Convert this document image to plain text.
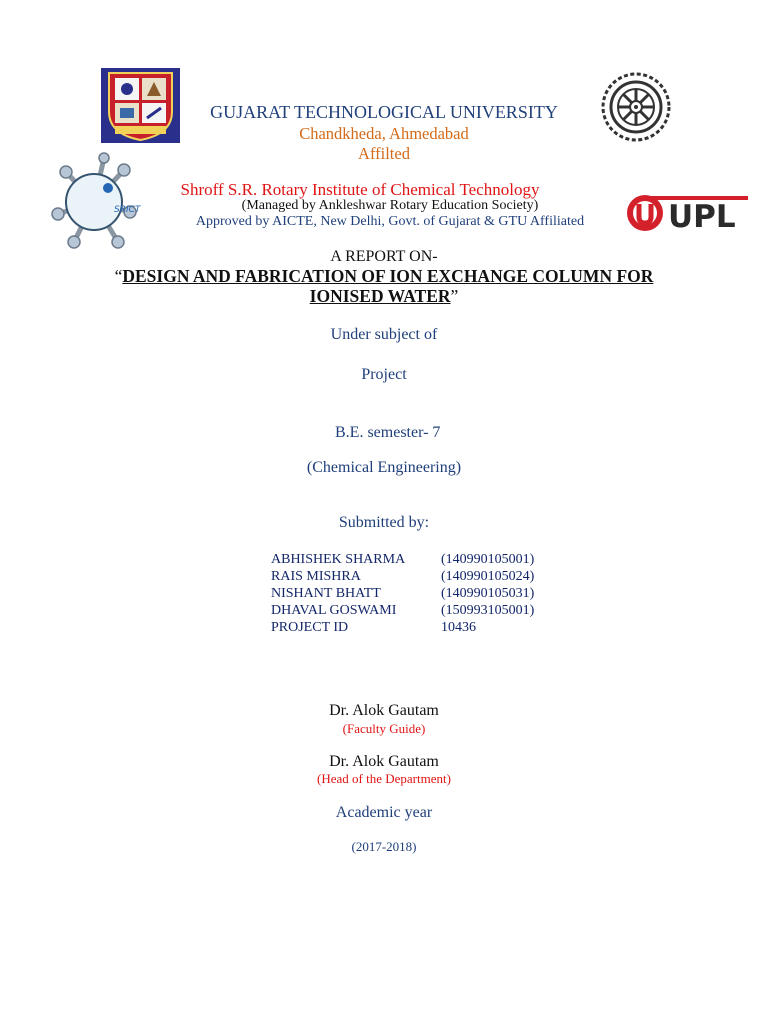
SRICT	UPL
GUJARAT TECHNOLOGICAL UNIVERSITY
Chandkheda, Ahmedabad
Affilted
Shroff S.R. Rotary Institute of Chemical Technology
(Managed by Ankleshwar Rotary Education Society)
Approved by AICTE, New Delhi, Govt. of Gujarat & GTU Affiliated
A REPORT ON-
“DESIGN AND FABRICATION OF ION EXCHANGE COLUMN FOR
IONISED WATER”
Under subject of
Project
B.E. semester- 7
(Chemical Engineering)
Submitted by:
ABHISHEK SHARMA	(140990105001)
RAIS MISHRA	(140990105024)
NISHANT BHATT	(140990105031)
DHAVAL GOSWAMI	(150993105001)
PROJECT ID	10436
Dr. Alok Gautam
(Faculty Guide)
Dr. Alok Gautam
(Head of the Department)
Academic year
(2017-2018)
